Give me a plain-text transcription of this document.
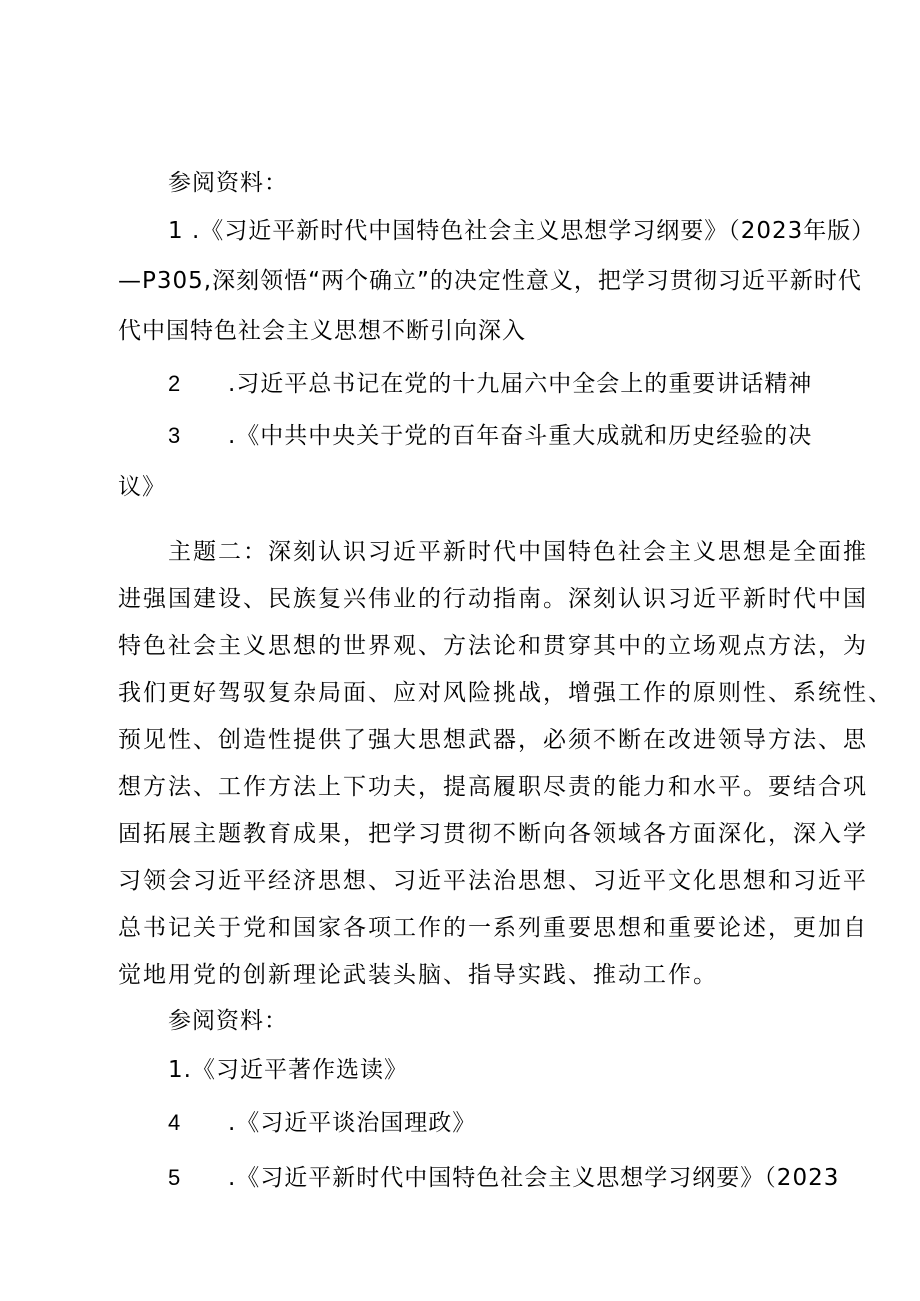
参阅资料：
1 .《习近平新时代中国特色社会主义思想学习纲要》（2023年版）
—P305,深刻领悟“两个确立”的决定性意义，把学习贯彻习近平新时代
代中国特色社会主义思想不断引向深入
2 .习近平总书记在党的十九届六中全会上的重要讲话精神
3 .《中共中央关于党的百年奋斗重大成就和历史经验的决
议》
主题二：深刻认识习近平新时代中国特色社会主义思想是全面推
进强国建设、民族复兴伟业的行动指南。深刻认识习近平新时代中国
特色社会主义思想的世界观、方法论和贯穿其中的立场观点方法，为
我们更好驾驭复杂局面、应对风险挑战，增强工作的原则性、系统性、
预见性、创造性提供了强大思想武器，必须不断在改进领导方法、思
想方法、工作方法上下功夫，提高履职尽责的能力和水平。要结合巩
固拓展主题教育成果，把学习贯彻不断向各领域各方面深化，深入学
习领会习近平经济思想、习近平法治思想、习近平文化思想和习近平
总书记关于党和国家各项工作的一系列重要思想和重要论述，更加自
觉地用党的创新理论武装头脑、指导实践、推动工作。
参阅资料：
1.《习近平著作选读》
4 .《习近平谈治国理政》
5 .《习近平新时代中国特色社会主义思想学习纲要》（2023
